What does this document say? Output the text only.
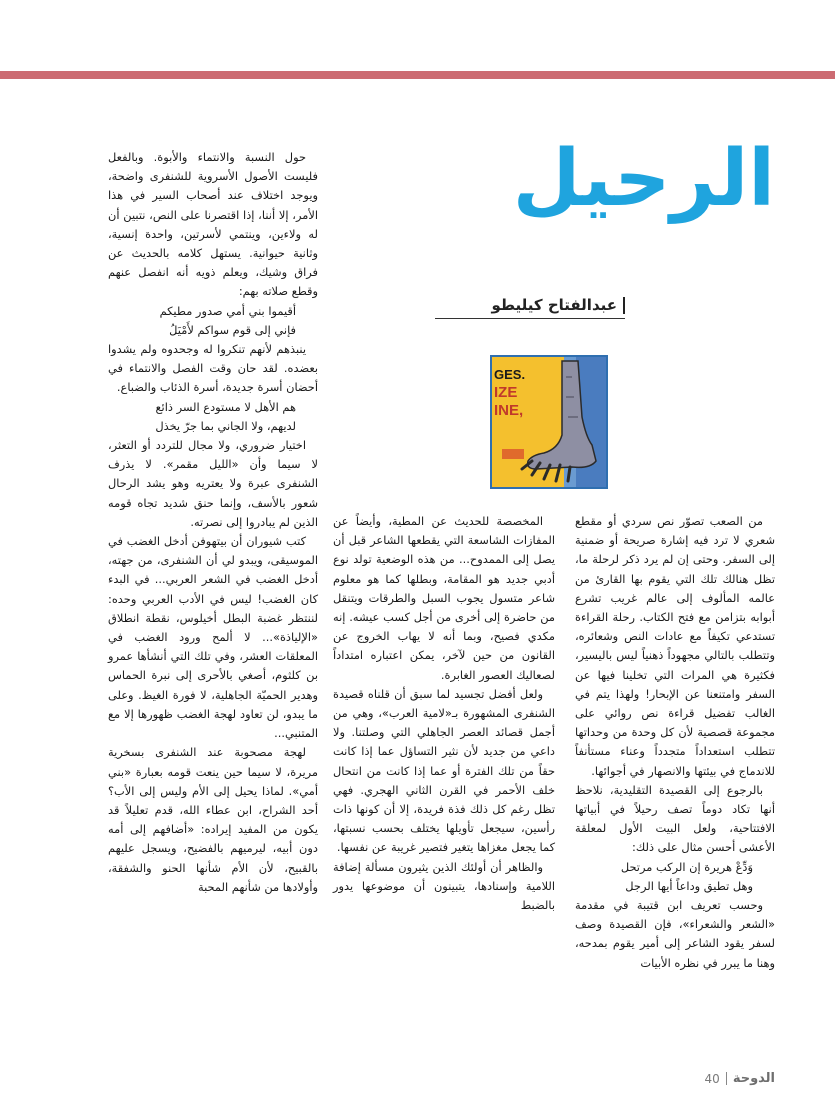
الرحيل
عبدالفتاح كيليطو
GES.
IZE
INE,

من الصعب تصوّر نص سردي أو مقطع شعري لا ترد فيه إشارة صريحة أو ضمنية إلى السفر. وحتى إن لم يرد ذكر لرحلة ما، تظل هنالك تلك التي يقوم بها القارئ من عالمه المألوف إلى عالم غريب تشرع أبوابه بتزامن مع فتح الكتاب. رحلة القراءة تستدعي تكيفاً مع عادات النص وشعائره، وتتطلب بالتالي مجهوداً ذهنياً ليس باليسير، فكثيرة هي المرات التي تخلينا فيها عن السفر وامتنعنا عن الإبحار! ولهذا يتم في الغالب تفضيل قراءة نص روائي على مجموعة قصصية لأن كل وحدة من وحداتها تتطلب استعداداً متجدداً وعناء مستأنفاً للاندماج في بيئتها والانصهار في أجوائها.

بالرجوع إلى القصيدة التقليدية، نلاحظ أنها تكاد دوماً تصف رحيلاً في أبياتها الافتتاحية، ولعل البيت الأول لمعلقة الأعشى أحسن مثال على ذلك:

وَدِّعْ هريرة إن الركب مرتحل

وهل تطيق وداعاً أيها الرجل

وحسب تعريف ابن قتيبة في مقدمة «الشعر والشعراء»، فإن القصيدة وصف لسفر يقود الشاعر إلى أمير يقوم بمدحه، وهنا ما يبرر في نظره الأبيات

المخصصة للحديث عن المطية، وأيضاً عن المفازات الشاسعة التي يقطعها الشاعر قبل أن يصل إلى الممدوح... من هذه الوضعية تولد نوع أدبي جديد هو المقامة، وبطلها كما هو معلوم شاعر متسول يجوب السبل والطرقات ويتنقل من حاضرة إلى أخرى من أجل كسب عيشه. إنه مكدي فصيح، وبما أنه لا يهاب الخروج عن القانون من حين لآخر، يمكن اعتباره امتداداً لصعاليك العصور الغابرة.

ولعل أفضل تجسيد لما سبق أن قلناه قصيدة الشنفرى المشهورة بـ«لامية العرب»، وهي من أجمل قصائد العصر الجاهلي التي وصلتنا. ولا داعي من جديد لأن نثير التساؤل عما إذا كانت حقاً من تلك الفترة أو عما إذا كانت من انتحال خلف الأحمر في القرن الثاني الهجري. فهي تظل رغم كل ذلك فذة فريدة، إلا أن كونها ذات رأسين، سيجعل تأويلها يختلف بحسب نسبتها، كما يجعل مغزاها يتغير فتصير غريبة عن نفسها.

والظاهر أن أولئك الذين يثيرون مسألة إضافة اللامية وإسنادها، يتبينون أن موضوعها يدور بالضبط

حول النسبة والانتماء والأبوة. وبالفعل فليست الأصول الأسروية للشنفرى واضحة، ويوجد اختلاف عند أصحاب السير في هذا الأمر، إلا أننا، إذا اقتصرنا على النص، نتبين أن له ولاءين، وينتمي لأسرتين، واحدة إنسية، وثانية حيوانية. يستهل كلامه بالحديث عن فراق وشيك، ويعلم ذويه أنه انفصل عنهم وقطع صلاته بهم:

أقيموا بني أمي صدور مطيكم

فإني إلى قوم سواكم لأَمْيَلُ

ينبذهم لأنهم تنكروا له وجحدوه ولم يشدوا بعضده. لقد حان وقت الفصل والانتماء في أحضان أسرة جديدة، أسرة الذئاب والضباع.

هم الأهل لا مستودع السر ذائع

لديهم، ولا الجاني بما جرّ يخذل

اختيار ضروري، ولا مجال للتردد أو التعثر، لا سيما وأن «الليل مقمر». لا يذرف الشنفرى عبرة ولا يعتريه وهو يشد الرحال شعور بالأسف، وإنما حنق شديد تجاه قومه الذين لم يبادروا إلى نصرته.

كتب شيوران أن بيتهوفن أدخل الغضب في الموسيقى، ويبدو لي أن الشنفرى، من جهته، أدخل الغضب في الشعر العربي... في البدء كان الغضب! ليس في الأدب العربي وحده: لننتظر غضبة البطل أخيلوس، نقطة انطلاق «الإلياذة»... لا ألمح ورود الغضب في المعلقات العشر، وفي تلك التي أنشأها عمرو بن كلثوم، أصغي بالأحرى إلى نبرة الحماس وهدير الحميّة الجاهلية، لا فورة الغيظ. وعلى ما يبدو، لن تعاود لهجة الغضب ظهورها إلا مع المتنبي...

لهجة مصحوبة عند الشنفرى بسخرية مريرة، لا سيما حين ينعت قومه بعبارة «بني أمي». لماذا يحيل إلى الأم وليس إلى الأب؟ أحد الشراح، ابن عطاء الله، قدم تعليلاً قد يكون من المفيد إيراده: «أضافهم إلى أمه دون أبيه، ليرميهم بالفضيح، ويسجل عليهم بالقبيح، لأن الأم شأنها الحنو والشفقة، وأولادها من شأنهم المحبة

الدوحة
40
